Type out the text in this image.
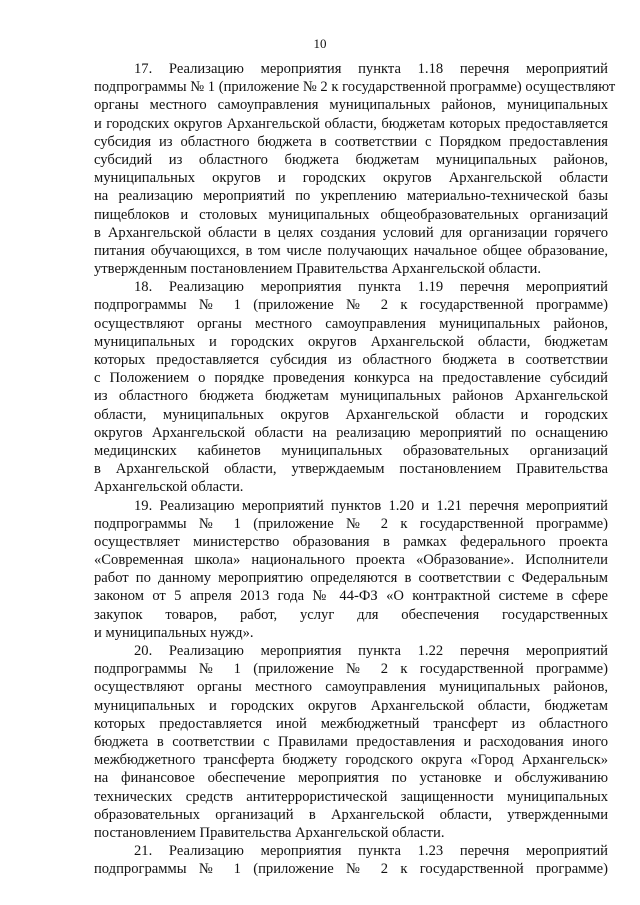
10
17. Реализацию мероприятия пункта 1.18 перечня мероприятий
подпрограммы № 1 (приложение № 2 к государственной программе) осуществляют
органы местного самоуправления муниципальных районов, муниципальных
и городских округов Архангельской области, бюджетам которых предоставляется
субсидия из областного бюджета в соответствии с Порядком предоставления
субсидий из областного бюджета бюджетам муниципальных районов,
муниципальных округов и городских округов Архангельской области
на реализацию мероприятий по укреплению материально-технической базы
пищеблоков и столовых муниципальных общеобразовательных организаций
в Архангельской области в целях создания условий для организации горячего
питания обучающихся, в том числе получающих начальное общее образование,
утвержденным постановлением Правительства Архангельской области.
18. Реализацию мероприятия пункта 1.19 перечня мероприятий
подпрограммы № 1 (приложение № 2 к государственной программе)
осуществляют органы местного самоуправления муниципальных районов,
муниципальных и городских округов Архангельской области, бюджетам
которых предоставляется субсидия из областного бюджета в соответствии
с Положением о порядке проведения конкурса на предоставление субсидий
из областного бюджета бюджетам муниципальных районов Архангельской
области, муниципальных округов Архангельской области и городских
округов Архангельской области на реализацию мероприятий по оснащению
медицинских кабинетов муниципальных образовательных организаций
в Архангельской области, утверждаемым постановлением Правительства
Архангельской области.
19. Реализацию мероприятий пунктов 1.20 и 1.21 перечня мероприятий
подпрограммы № 1 (приложение № 2 к государственной программе)
осуществляет министерство образования в рамках федерального проекта
«Современная школа» национального проекта «Образование». Исполнители
работ по данному мероприятию определяются в соответствии с Федеральным
законом от 5 апреля 2013 года № 44-ФЗ «О контрактной системе в сфере
закупок товаров, работ, услуг для обеспечения государственных
и муниципальных нужд».
20. Реализацию мероприятия пункта 1.22 перечня мероприятий
подпрограммы № 1 (приложение № 2 к государственной программе)
осуществляют органы местного самоуправления муниципальных районов,
муниципальных и городских округов Архангельской области, бюджетам
которых предоставляется иной межбюджетный трансферт из областного
бюджета в соответствии с Правилами предоставления и расходования иного
межбюджетного трансферта бюджету городского округа «Город Архангельск»
на финансовое обеспечение мероприятия по установке и обслуживанию
технических средств антитеррористической защищенности муниципальных
образовательных организаций в Архангельской области, утвержденными
постановлением Правительства Архангельской области.
21. Реализацию мероприятия пункта 1.23 перечня мероприятий
подпрограммы № 1 (приложение № 2 к государственной программе)
